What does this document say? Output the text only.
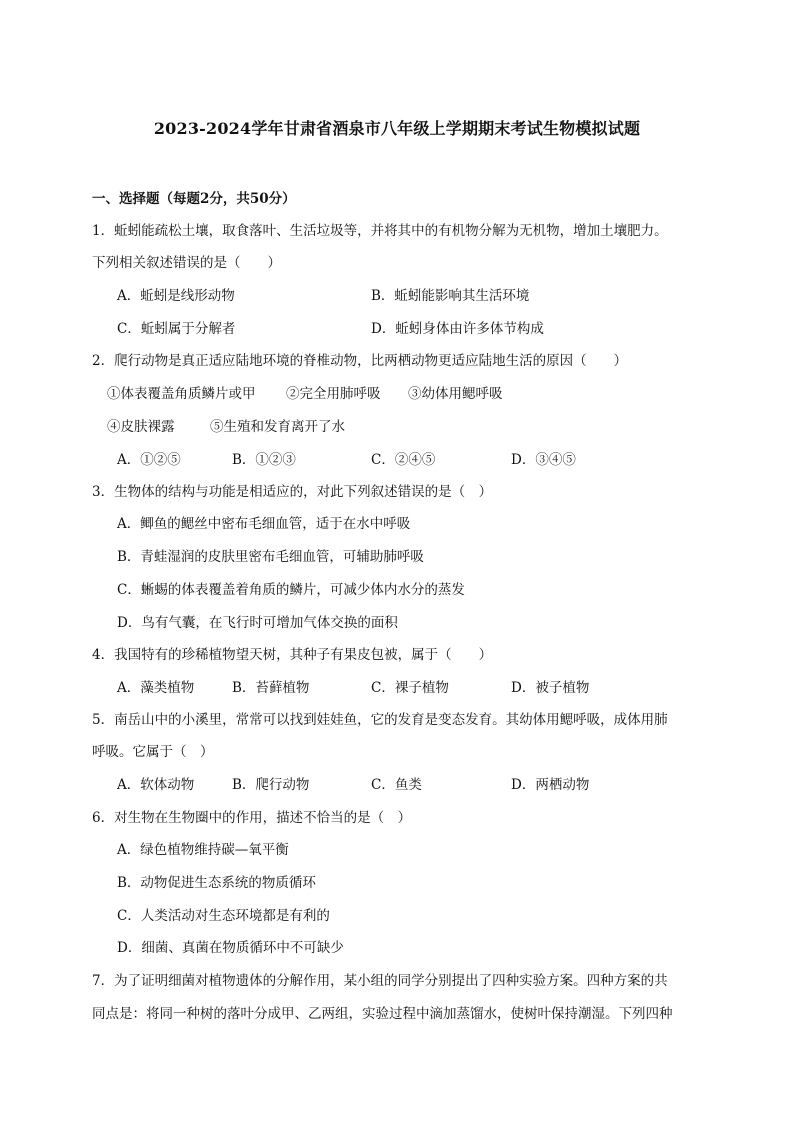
2023-2024学年甘肃省酒泉市八年级上学期期末考试生物模拟试题
一、选择题（每题2分，共50分）
1．蚯蚓能疏松土壤，取食落叶、生活垃圾等，并将其中的有机物分解为无机物，增加土壤肥力。
下列相关叙述错误的是（　　）
A．蚯蚓是线形动物	B．蚯蚓能影响其生活环境
C．蚯蚓属于分解者	D．蚯蚓身体由许多体节构成
2．爬行动物是真正适应陆地环境的脊椎动物，比两栖动物更适应陆地生活的原因（　　）
①体表覆盖角质鳞片或甲 ②完全用肺呼吸 ③幼体用鳃呼吸
④皮肤裸露	⑤生殖和发育离开了水
A．①②⑤	B．①②③	C．②④⑤	D．③④⑤
3．生物体的结构与功能是相适应的，对此下列叙述错误的是（　）
A．鲫鱼的鳃丝中密布毛细血管，适于在水中呼吸
B．青蛙湿润的皮肤里密布毛细血管，可辅助肺呼吸
C．蜥蜴的体表覆盖着角质的鳞片，可减少体内水分的蒸发
D．鸟有气囊，在飞行时可增加气体交换的面积
4．我国特有的珍稀植物望天树，其种子有果皮包被，属于（　　）
A．藻类植物	B．苔藓植物	C．裸子植物	D．被子植物
5．南岳山中的小溪里，常常可以找到娃娃鱼，它的发育是变态发育。其幼体用鳃呼吸，成体用肺
呼吸。它属于（　）
A．软体动物	B．爬行动物	C．鱼类	D．两栖动物
6．对生物在生物圈中的作用，描述不恰当的是（　）
A．绿色植物维持碳—氧平衡
B．动物促进生态系统的物质循环
C．人类活动对生态环境都是有利的
D．细菌、真菌在物质循环中不可缺少
7．为了证明细菌对植物遗体的分解作用，某小组的同学分别提出了四种实验方案。四种方案的共
同点是：将同一种树的落叶分成甲、乙两组，实验过程中滴加蒸馏水，使树叶保持潮湿。下列四种
